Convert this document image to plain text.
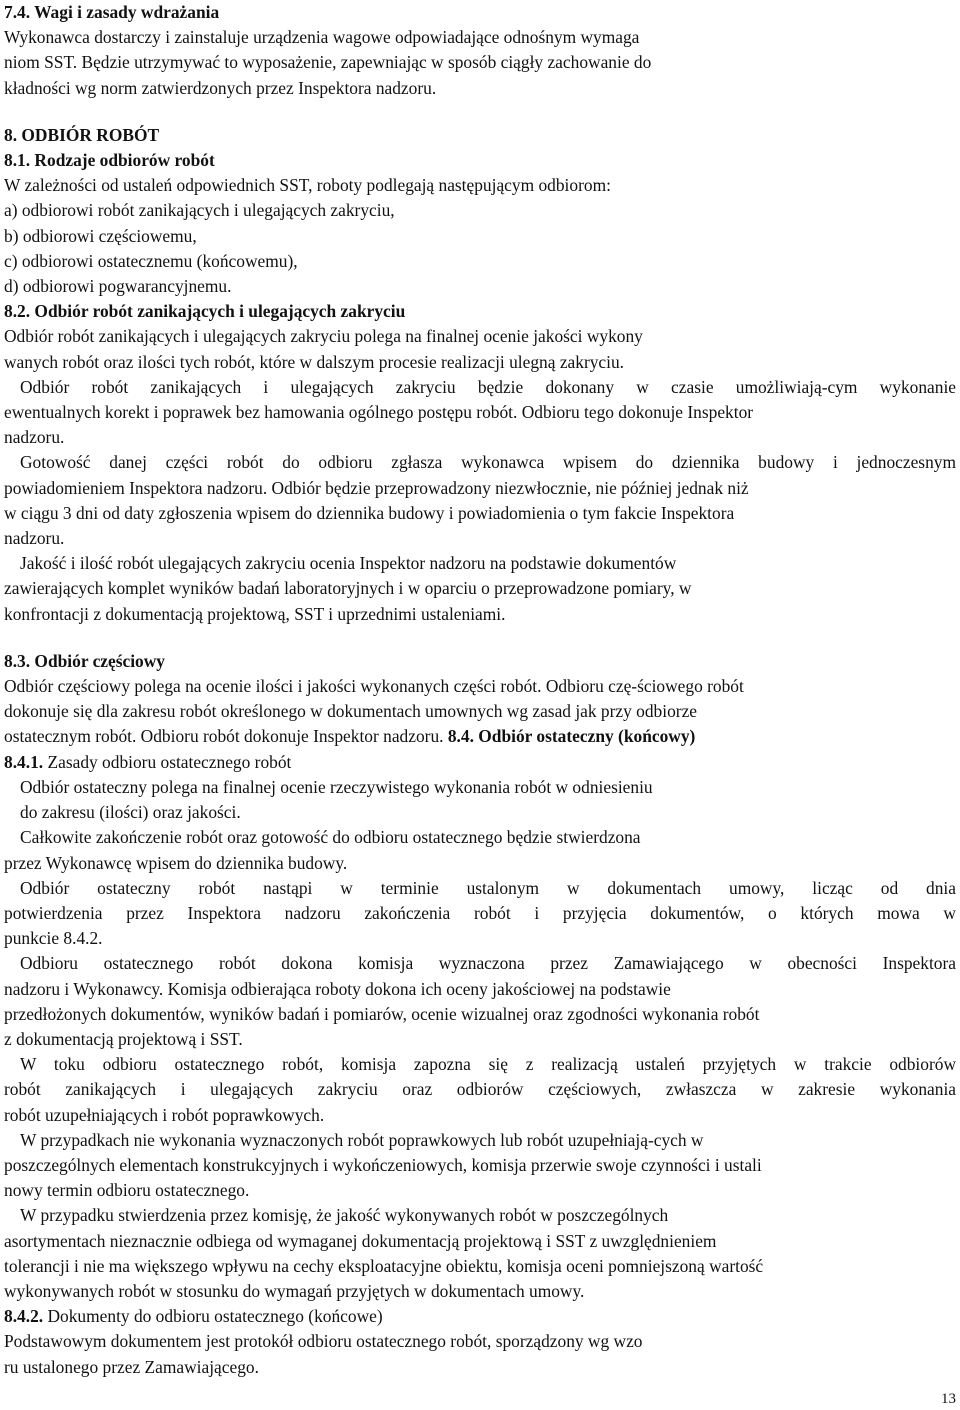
7.4. Wagi i zasady wdrażania
Wykonawca dostarczy i zainstaluje urządzenia wagowe odpowiadające odnośnym wymaga
niom SST. Będzie utrzymywać to wyposażenie, zapewniając w sposób ciągły zachowanie do
kładności wg norm zatwierdzonych przez Inspektora nadzoru.
8. ODBIÓR ROBÓT
8.1. Rodzaje odbiorów robót
W zależności od ustaleń odpowiednich SST, roboty podlegają następującym odbiorom:
a) odbiorowi robót zanikających i ulegających zakryciu,
b) odbiorowi częściowemu,
c) odbiorowi ostatecznemu (końcowemu),
d) odbiorowi pogwarancyjnemu.
8.2. Odbiór robót zanikających i ulegających zakryciu
Odbiór robót zanikających i ulegających zakryciu polega na finalnej ocenie jakości wykony
wanych robót oraz ilości tych robót, które w dalszym procesie realizacji ulegną zakryciu.
Odbiór robót zanikających i ulegających zakryciu będzie dokonany w czasie umożliwiają-cym wykonanie
ewentualnych korekt i poprawek bez hamowania ogólnego postępu robót. Odbioru tego dokonuje Inspektor
nadzoru.
Gotowość danej części robót do odbioru zgłasza wykonawca wpisem do dziennika budowy i jednoczesnym
powiadomieniem Inspektora nadzoru. Odbiór będzie przeprowadzony niezwłocznie, nie później jednak niż
w ciągu 3 dni od daty zgłoszenia wpisem do dziennika budowy i powiadomienia o tym fakcie Inspektora
nadzoru.
Jakość i ilość robót ulegających zakryciu ocenia Inspektor nadzoru na podstawie dokumentów
zawierających komplet wyników badań laboratoryjnych i w oparciu o przeprowadzone pomiary, w
konfrontacji z dokumentacją projektową, SST i uprzednimi ustaleniami.
8.3. Odbiór częściowy
Odbiór częściowy polega na ocenie ilości i jakości wykonanych części robót. Odbioru czę-ściowego robót
dokonuje się dla zakresu robót określonego w dokumentach umownych wg zasad jak przy odbiorze
ostatecznym robót. Odbioru robót dokonuje Inspektor nadzoru. 8.4. Odbiór ostateczny (końcowy)
8.4.1. Zasady odbioru ostatecznego robót
Odbiór ostateczny polega na finalnej ocenie rzeczywistego wykonania robót w odniesieniu
do zakresu (ilości) oraz jakości.
Całkowite zakończenie robót oraz gotowość do odbioru ostatecznego będzie stwierdzona
przez Wykonawcę wpisem do dziennika budowy.
Odbiór ostateczny robót nastąpi w terminie ustalonym w dokumentach umowy, licząc od dnia
potwierdzenia przez Inspektora nadzoru zakończenia robót i przyjęcia dokumentów, o których mowa w
punkcie 8.4.2.
Odbioru ostatecznego robót dokona komisja wyznaczona przez Zamawiającego w obecności Inspektora
nadzoru i Wykonawcy. Komisja odbierająca roboty dokona ich oceny jakościowej na podstawie
przedłożonych dokumentów, wyników badań i pomiarów, ocenie wizualnej oraz zgodności wykonania robót
z dokumentacją projektową i SST.
W toku odbioru ostatecznego robót, komisja zapozna się z realizacją ustaleń przyjętych w trakcie odbiorów
robót zanikających i ulegających zakryciu oraz odbiorów częściowych, zwłaszcza w zakresie wykonania
robót uzupełniających i robót poprawkowych.
W przypadkach nie wykonania wyznaczonych robót poprawkowych lub robót uzupełniają-cych w
poszczególnych elementach konstrukcyjnych i wykończeniowych, komisja przerwie swoje czynności i ustali
nowy termin odbioru ostatecznego.
W przypadku stwierdzenia przez komisję, że jakość wykonywanych robót w poszczególnych
asortymentach nieznacznie odbiega od wymaganej dokumentacją projektową i SST z uwzględnieniem
tolerancji i nie ma większego wpływu na cechy eksploatacyjne obiektu, komisja oceni pomniejszoną wartość
wykonywanych robót w stosunku do wymagań przyjętych w dokumentach umowy.
8.4.2. Dokumenty do odbioru ostatecznego (końcowe)
Podstawowym dokumentem jest protokół odbioru ostatecznego robót, sporządzony wg wzo
ru ustalonego przez Zamawiającego.
13
